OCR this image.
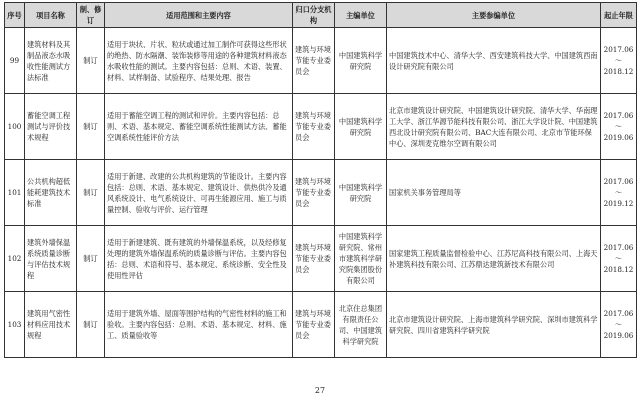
序号	项目名称	制、修订	适用范围和主要内容	归口分支机构	主编单位	主要参编单位	起止年限
99	建筑材料及其制品液态水吸收性能测试方法标准	制订	适用于块状、片状、粒状或通过加工制作可获得这些形状的绝热、防水隔潮、装饰装修等用途的各种建筑材料液态水吸收性能的测试。主要内容包括：总则、术语、装置、材料、试样制备、试验程序、结果处理、报告	建筑与环境节能专业委员会	中国建筑科学研究院	中国建筑技术中心、清华大学、西安建筑科技大学、中国建筑西南设计研究院有限公司	2017.06
～
2018.12

100	蓄能空调工程测试与评价技术规程	制订	适用于蓄能空调工程的测试和评价。主要内容包括：总则、术语、基本规定、蓄能空调系统性能测试方法、蓄能空调系统性能评价方法	建筑与环境节能专业委员会	中国建筑科学研究院	北京市建筑设计研究院、中国建筑设计研究院、清华大学、华南理工大学、浙江华源节能科技有限公司、浙江大学设计院、中国建筑西北设计研究院有限公司、BAC大连有限公司、北京市节能环保中心、深圳麦克维尔空调有限公司	2017.06
～
2019.06

101	公共机构超低能耗建筑技术标准	制订	适用于新建、改建的公共机构建筑的节能设计。主要内容包括：总则、术语、基本规定、建筑设计、供热供冷及通风系统设计、电气系统设计、可再生能源应用、施工与质量控制、验收与评价、运行管理	建筑与环境节能专业委员会	中国建筑科学研究院	国家机关事务管理局等	2017.06
～
2019.12

102	建筑外墙保温系统质量诊断与评估技术规程	制订	适用于新建建筑、既有建筑的外墙保温系统，以及经修复处理的建筑外墙保温系统的质量诊断与评估。主要内容包括：总则、术语和符号、基本规定、系统诊断、安全性及使用性评估	建筑与环境节能专业委员会	中国建筑科学研究院、常州市建筑科学研究院集团股份有限公司	国家建筑工程质量监督检验中心、江苏尼高科技有限公司、上海天补建筑科技有限公司、江苏鼎达建筑新技术有限公司	2017.06
～
2018.12

103	建筑用气密性材料应用技术规程	制订	适用于建筑外墙、屋面等围护结构的气密性材料的施工和验收。主要内容包括：总则、术语、基本规定、材料、施工、质量验收等	建筑与环境节能专业委员会	北京住总集团有限责任公司、中国建筑科学研究院	北京市建筑设计研究院、上海市建筑科学研究院、深圳市建筑科学研究院、四川省建筑科学研究院	2017.06
～
2019.06
27
